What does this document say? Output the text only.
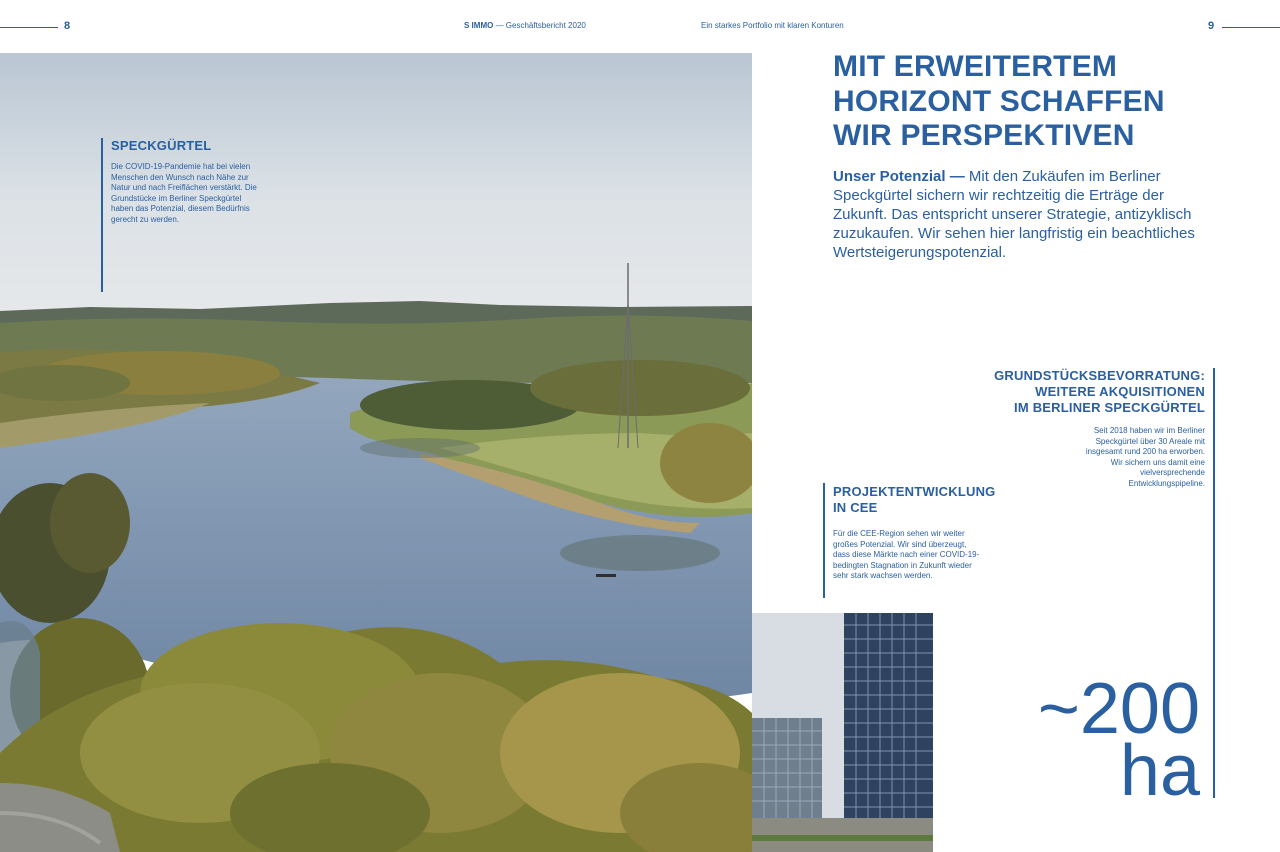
8	S IMMO — Geschäftsbericht 2020	Ein starkes Portfolio mit klaren Konturen	9
SPECKGÜRTEL
Die COVID-19-Pandemie hat bei vielen Menschen den Wunsch nach Nähe zur Natur und nach Freiflächen verstärkt. Die Grundstücke im Berliner Speckgürtel haben das Potenzial, diesem Bedürfnis gerecht zu werden.
MIT ERWEITERTEM
HORIZONT SCHAFFEN
WIR PERSPEKTIVEN
Unser Potenzial — Mit den Zukäufen im Berliner Speckgürtel sichern wir rechtzeitig die Erträge der Zukunft. Das entspricht unserer Strategie, antizyklisch zuzukaufen. Wir sehen hier langfristig ein beachtliches Wertsteigerungspotenzial.
GRUNDSTÜCKSBEVORRATUNG:
WEITERE AKQUISITIONEN
IM BERLINER SPECKGÜRTEL
Seit 2018 haben wir im Berliner Speckgürtel über 30 Areale mit insgesamt rund 200 ha erworben. Wir sichern uns damit eine vielversprechende Entwicklungspipeline.
PROJEKTENTWICKLUNG
IN CEE
Für die CEE-Region sehen wir weiter großes Potenzial. Wir sind überzeugt, dass diese Märkte nach einer COVID-19-bedingten Stagnation in Zukunft wieder sehr stark wachsen werden.
~200
ha
